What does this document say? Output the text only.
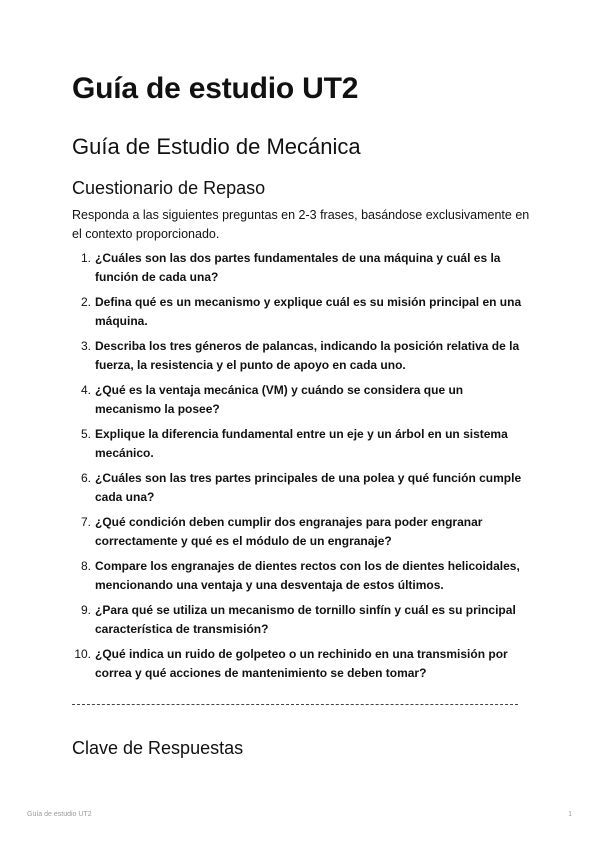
Guía de estudio UT2
Guía de Estudio de Mecánica
Cuestionario de Repaso

Responda a las siguientes preguntas en 2-3 frases, basándose exclusivamente en el contexto proporcionado.

1. ¿Cuáles son las dos partes fundamentales de una máquina y cuál es la función de cada una?
2. Defina qué es un mecanismo y explique cuál es su misión principal en una máquina.
3. Describa los tres géneros de palancas, indicando la posición relativa de la fuerza, la resistencia y el punto de apoyo en cada uno.
4. ¿Qué es la ventaja mecánica (VM) y cuándo se considera que un mecanismo la posee?
5. Explique la diferencia fundamental entre un eje y un árbol en un sistema mecánico.
6. ¿Cuáles son las tres partes principales de una polea y qué función cumple cada una?
7. ¿Qué condición deben cumplir dos engranajes para poder engranar correctamente y qué es el módulo de un engranaje?
8. Compare los engranajes de dientes rectos con los de dientes helicoidales, mencionando una ventaja y una desventaja de estos últimos.
9. ¿Para qué se utiliza un mecanismo de tornillo sinfín y cuál es su principal característica de transmisión?
10. ¿Qué indica un ruido de golpeteo o un rechinido en una transmisión por correa y qué acciones de mantenimiento se deben tomar?
Clave de Respuestas
Guía de estudio UT2	1
